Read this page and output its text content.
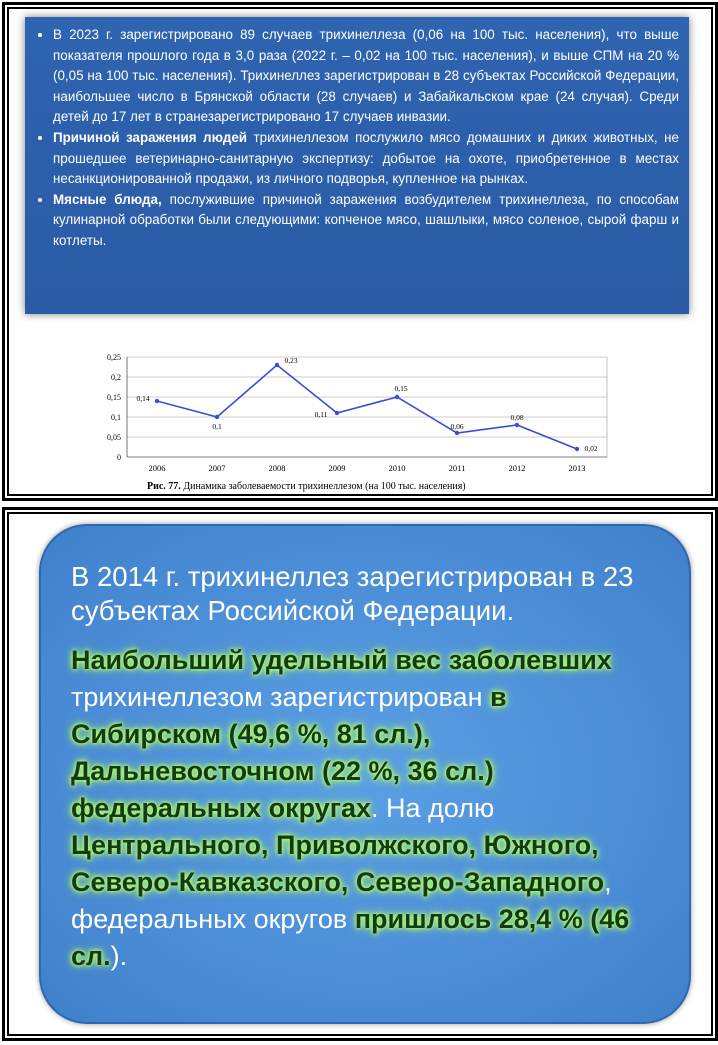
• В 2023 г. зарегистрировано 89 случаев трихинеллеза (0,06 на 100 тыс. населения), что выше показателя прошлого года в 3,0 раза (2022 г. – 0,02 на 100 тыс. населения), и выше СПМ на 20 % (0,05 на 100 тыс. населения). Трихинеллез зарегистрирован в 28 субъектах Российской Федерации, наибольшее число в Брянской области (28 случаев) и Забайкальском крае (24 случая). Среди детей до 17 лет в странезарегистрировано 17 случаев инвазии.
• Причиной заражения людей трихинеллезом послужило мясо домашних и диких животных, не прошедшее ветеринарно-санитарную экспертизу: добытое на охоте, приобретенное в местах несанкционированной продажи, из личного подворья, купленное на рынках.
• Мясные блюда, послужившие причиной заражения возбудителем трихинеллеза, по способам кулинарной обработки были следующими: копченое мясо, шашлыки, мясо соленое, сырой фарш и котлеты.
0
0,05
0,1
0,15
0,2
0,25
2006	2007	2008	2009	2010	2011	2012	2013
0,14
0,1
0,23
0,11
0,15
0,06
0,08
0,02
Рис. 77. Динамика заболеваемости трихинеллезом (на 100 тыс. населения)

В 2014 г. трихинеллез зарегистрирован в 23 субъектах Российской Федерации.

Наибольший удельный вес заболевших трихинеллезом зарегистрирован в Сибирском (49,6 %, 81 сл.), Дальневосточном (22 %, 36 сл.) федеральных округах. На долю Центрального, Приволжского, Южного, Северо-Кавказского, Северо-Западного, федеральных округов пришлось 28,4 % (46 сл.).
